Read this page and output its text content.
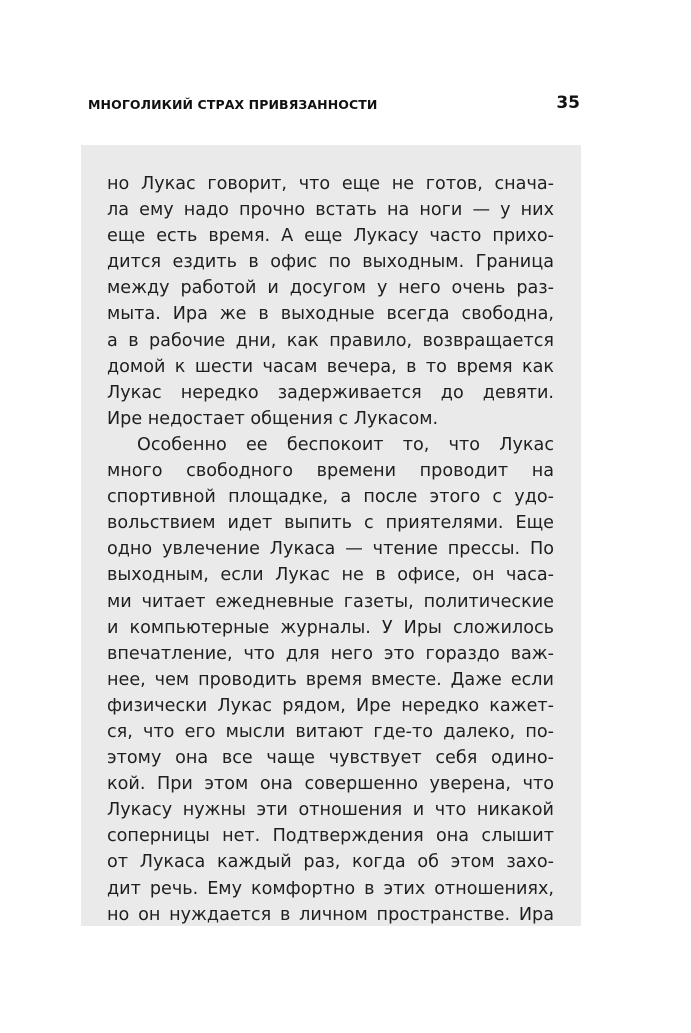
МНОГОЛИКИЙ СТРАХ ПРИВЯЗАННОСТИ	35
но Лукас говорит, что еще не готов, снача-
ла ему надо прочно встать на ноги — у них
еще есть время. А еще Лукасу часто прихо-
дится ездить в офис по выходным. Граница
между работой и досугом у него очень раз-
мыта. Ира же в выходные всегда свободна,
а в рабочие дни, как правило, возвращается
домой к шести часам вечера, в то время как
Лукас нередко задерживается до девяти.
Ире недостает общения с Лукасом.
Особенно ее беспокоит то, что Лукас
много свободного времени проводит на
спортивной площадке, а после этого с удо-
вольствием идет выпить с приятелями. Еще
одно увлечение Лукаса — чтение прессы. По
выходным, если Лукас не в офисе, он часа-
ми читает ежедневные газеты, политические
и компьютерные журналы. У Иры сложилось
впечатление, что для него это гораздо важ-
нее, чем проводить время вместе. Даже если
физически Лукас рядом, Ире нередко кажет-
ся, что его мысли витают где-то далеко, по-
этому она все чаще чувствует себя одино-
кой. При этом она совершенно уверена, что
Лукасу нужны эти отношения и что никакой
соперницы нет. Подтверждения она слышит
от Лукаса каждый раз, когда об этом захо-
дит речь. Ему комфортно в этих отношениях,
но он нуждается в личном пространстве. Ира
